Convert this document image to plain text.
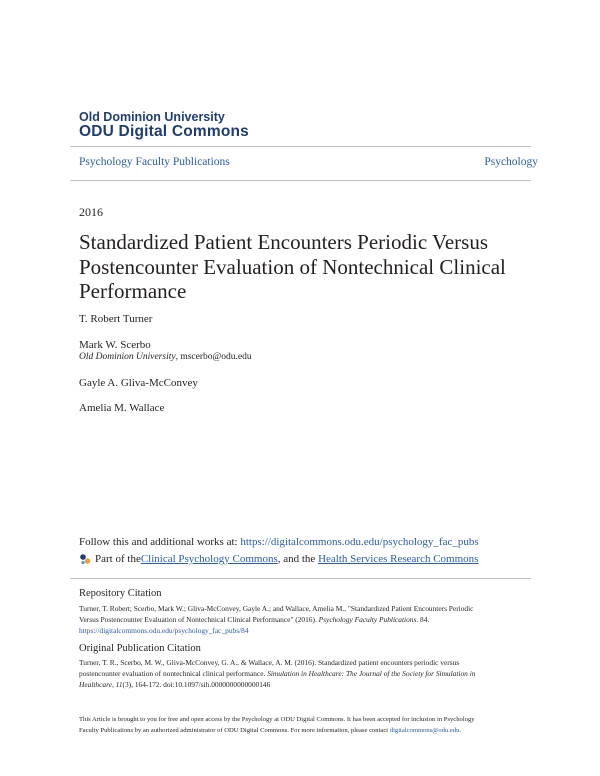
Old Dominion University
ODU Digital Commons
Psychology Faculty Publications	Psychology
2016
Standardized Patient Encounters Periodic Versus
Postencounter Evaluation of Nontechnical Clinical
Performance
T. Robert Turner
Mark W. Scerbo
Old Dominion University, mscerbo@odu.edu
Gayle A. Gliva-McConvey
Amelia M. Wallace
Follow this and additional works at: https://digitalcommons.odu.edu/psychology_fac_pubs
Part of the Clinical Psychology Commons , and the Health Services Research Commons
Repository Citation
Turner, T. Robert; Scerbo, Mark W.; Gliva-McConvey, Gayle A.; and Wallace, Amelia M., "Standardized Patient Encounters Periodic
Versus Postencounter Evaluation of Nontechnical Clinical Performance" (2016). Psychology Faculty Publications. 84.
https://digitalcommons.odu.edu/psychology_fac_pubs/84
Original Publication Citation
Turner, T. R., Scerbo, M. W., Gliva-McConvey, G. A., & Wallace, A. M. (2016). Standardized patient encounters periodic versus
postencounter evaluation of nontechnical clinical performance. Simulation in Healthcare: The Journal of the Society for Simulation in
Healthcare, 11(3), 164-172. doi:10.1097/sih.0000000000000146
This Article is brought to you for free and open access by the Psychology at ODU Digital Commons. It has been accepted for inclusion in Psychology
Faculty Publications by an authorized administrator of ODU Digital Commons. For more information, please contact digitalcommons@odu.edu.
